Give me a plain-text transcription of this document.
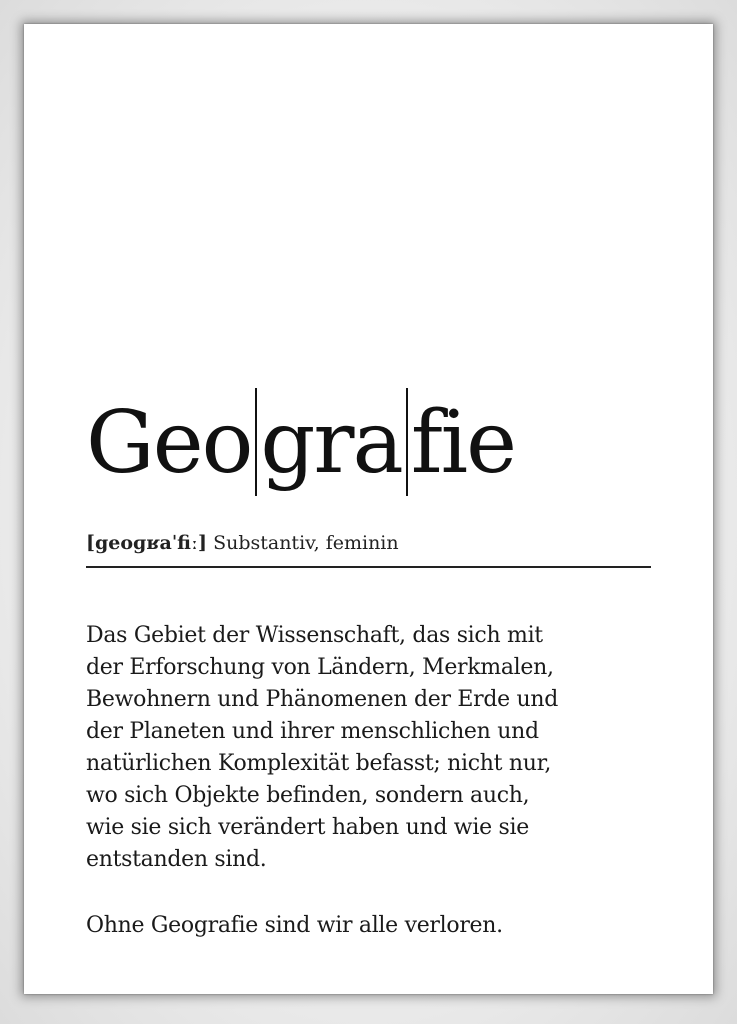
Geo gra fie
[geoɡʁaˈfiː] Substantiv, feminin
Das Gebiet der Wissenschaft, das sich mit
der Erforschung von Ländern, Merkmalen,
Bewohnern und Phänomenen der Erde und
der Planeten und ihrer menschlichen und
natürlichen Komplexität befasst; nicht nur,
wo sich Objekte befinden, sondern auch,
wie sie sich verändert haben und wie sie
entstanden sind.
Ohne Geografie sind wir alle verloren.
